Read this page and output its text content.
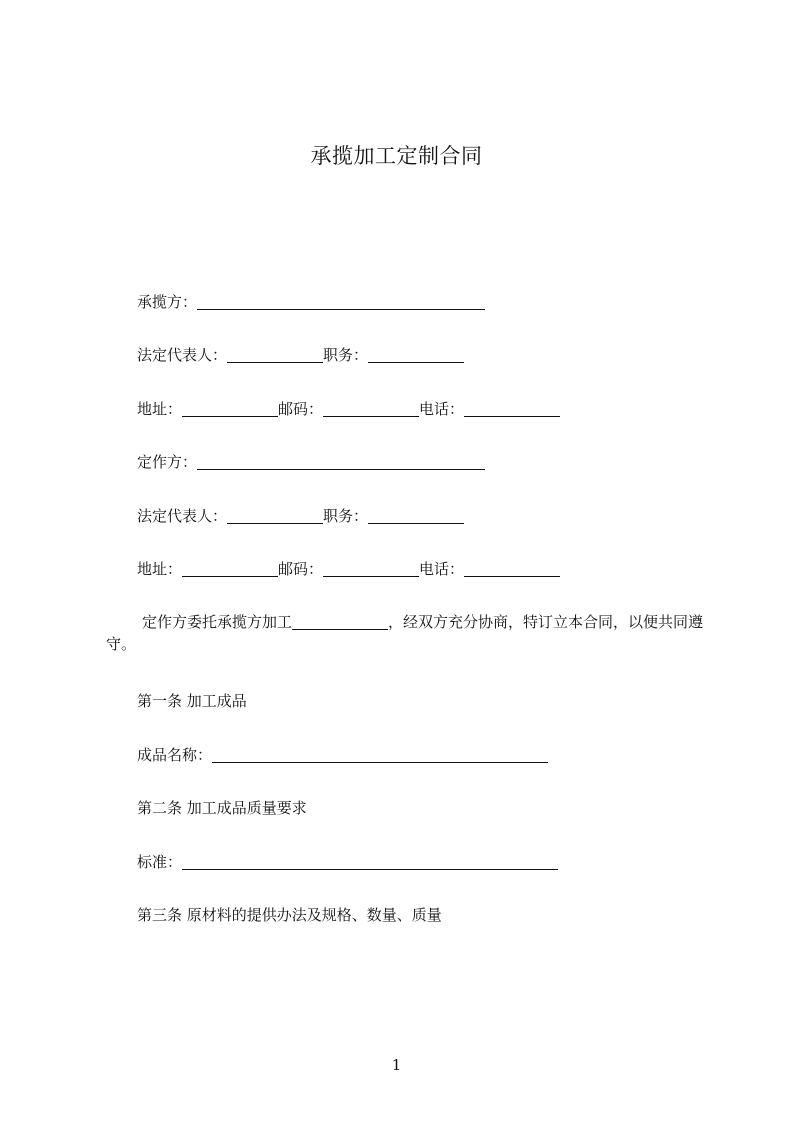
承揽加工定制合同
承揽方：
法定代表人：	职务：
地址：	邮码：	电话：
定作方：
法定代表人：	职务：
地址：	邮码：	电话：
定作方委托承揽方加工	，经双方充分协商，特订立本合同，以便共同遵守。
第一条 加工成品
成品名称：
第二条 加工成品质量要求
标准：
第三条 原材料的提供办法及规格、数量、质量
1
